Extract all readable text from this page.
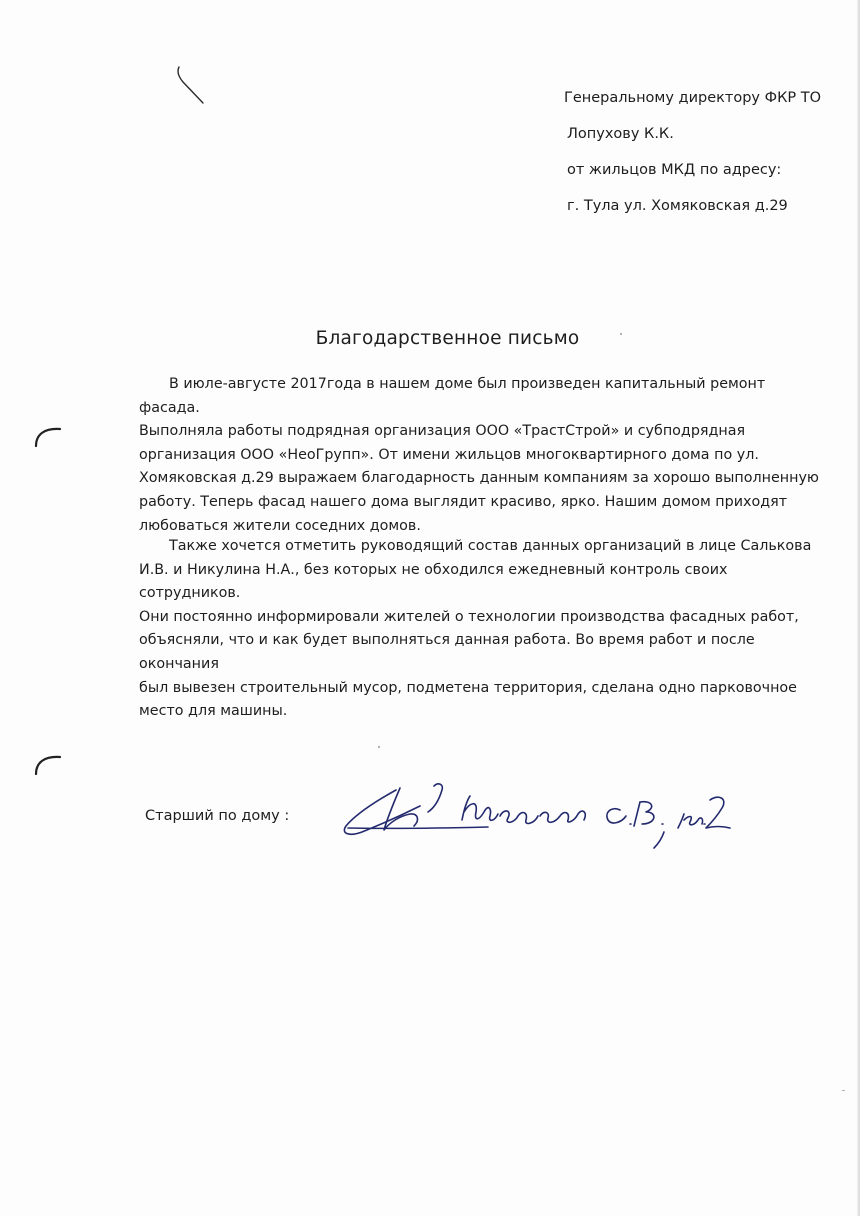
Генеральному директору ФКР ТО
Лопухову К.К.
от жильцов МКД по адресу:
г. Тула ул. Хомяковская д.29
Благодарственное письмо

В июле-августе 2017года в нашем доме был произведен капитальный ремонт фасада.
Выполняла работы подрядная организация ООО «ТрастСтрой» и субподрядная
организация ООО «НеоГрупп». От имени жильцов многоквартирного дома по ул.
Хомяковская д.29 выражаем благодарность данным компаниям за хорошо выполненную
работу. Теперь фасад нашего дома выглядит красиво, ярко. Нашим домом приходят
любоваться жители соседних домов.

Также хочется отметить руководящий состав данных организаций в лице Салькова
И.В. и Никулина Н.А., без которых не обходился ежедневный контроль своих сотрудников.
Они постоянно информировали жителей о технологии производства фасадных работ,
объясняли, что и как будет выполняться данная работа. Во время работ и после окончания
был вывезен строительный мусор, подметена территория, сделана одно парковочное
место для машины.

Старший по дому :
